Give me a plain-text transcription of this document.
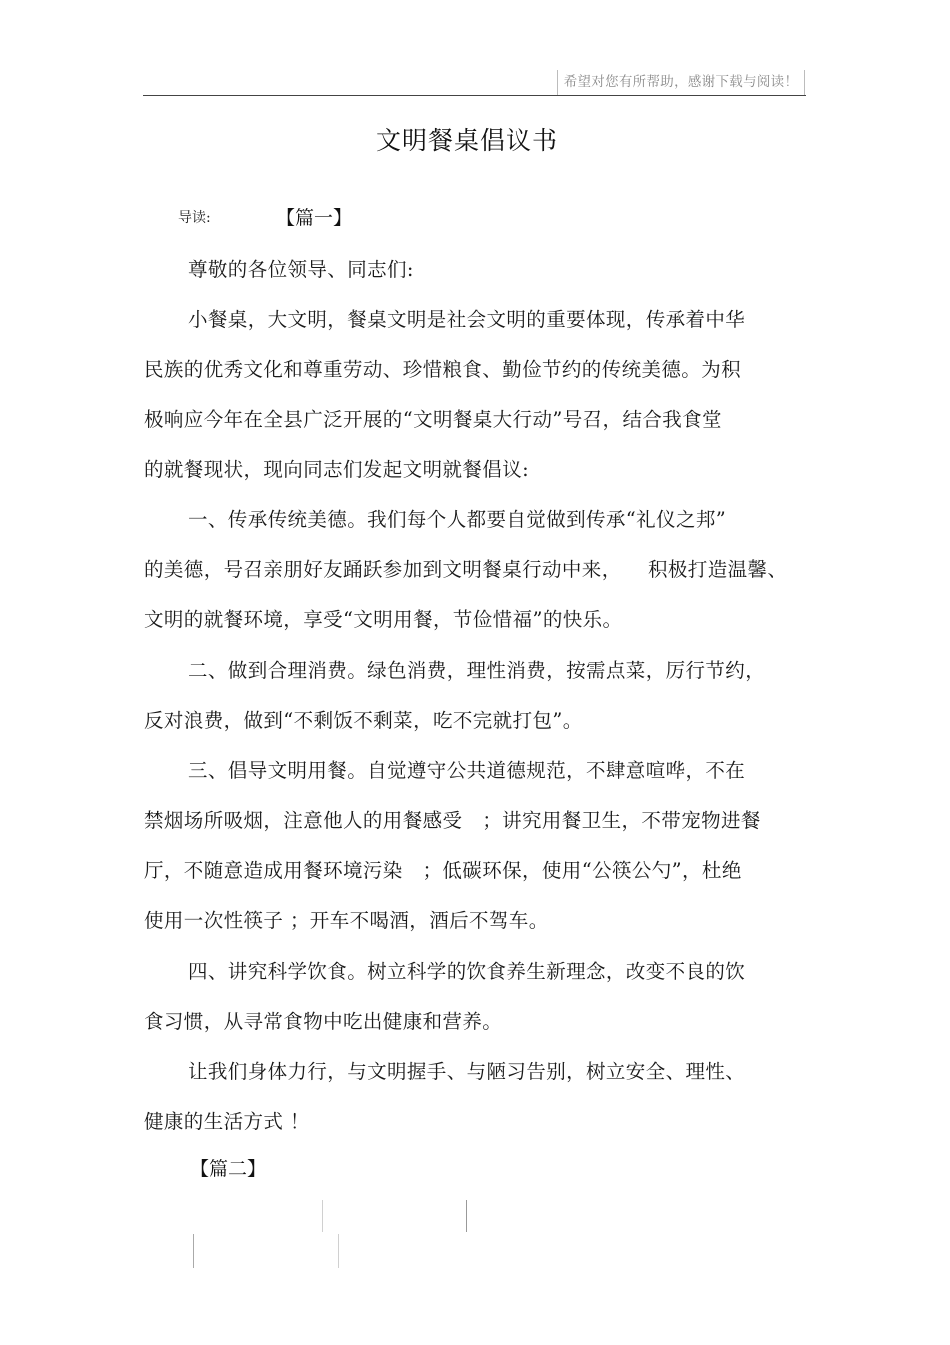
希望对您有所帮助，感谢下载与阅读！
文明餐桌倡议书
导读:	【篇一】
尊敬的各位领导、同志们:
小餐桌，大文明，餐桌文明是社会文明的重要体现，传承着中华
民族的优秀文化和尊重劳动、珍惜粮食、勤俭节约的传统美德。为积
极响应今年在全县广泛开展的“文明餐桌大行动”号召，结合我食堂
的就餐现状，现向同志们发起文明就餐倡议:
一、传承传统美德。我们每个人都要自觉做到传承“礼仪之邦”
的美德，号召亲朋好友踊跃参加到文明餐桌行动中来，    积极打造温馨、
文明的就餐环境，享受“文明用餐，节俭惜福”的快乐。
二、做到合理消费。绿色消费，理性消费，按需点菜，厉行节约，
反对浪费，做到“不剩饭不剩菜，吃不完就打包”。
三、倡导文明用餐。自觉遵守公共道德规范，不肆意喧哗，不在
禁烟场所吸烟，注意他人的用餐感受   ；讲究用餐卫生，不带宠物进餐
厅，不随意造成用餐环境污染   ；低碳环保，使用“公筷公勺”，杜绝
使用一次性筷子 ；开车不喝酒，酒后不驾车。
四、讲究科学饮食。树立科学的饮食养生新理念，改变不良的饮
食习惯，从寻常食物中吃出健康和营养。
让我们身体力行，与文明握手、与陋习告别，树立安全、理性、
健康的生活方式 ！
【篇二】
